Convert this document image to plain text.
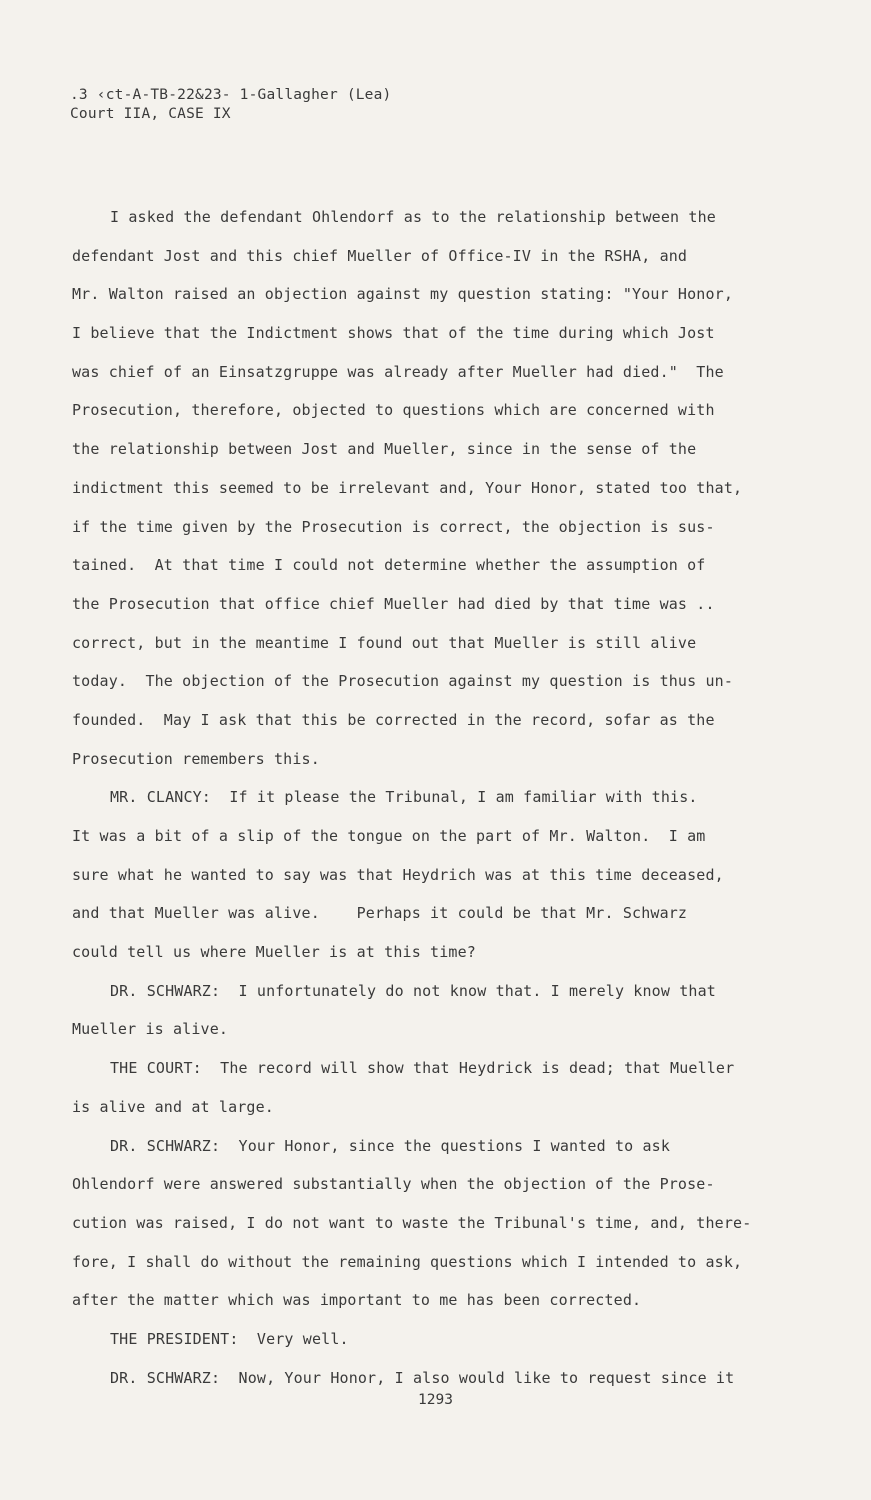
.3 ‹ct-A-TB-22&23- 1-Gallagher (Lea)
Court IIA, CASE IX
I asked the defendant Ohlendorf as to the relationship between the
defendant Jost and this chief Mueller of Office-IV in the RSHA, and
Mr. Walton raised an objection against my question stating: "Your Honor,
I believe that the Indictment shows that of the time during which Jost
was chief of an Einsatzgruppe was already after Mueller had died."  The
Prosecution, therefore, objected to questions which are concerned with
the relationship between Jost and Mueller, since in the sense of the
indictment this seemed to be irrelevant and, Your Honor, stated too that,
if the time given by the Prosecution is correct, the objection is sus-
tained.  At that time I could not determine whether the assumption of
the Prosecution that office chief Mueller had died by that time was ..
correct, but in the meantime I found out that Mueller is still alive
today.  The objection of the Prosecution against my question is thus un-
founded.  May I ask that this be corrected in the record, sofar as the
Prosecution remembers this.
MR. CLANCY:  If it please the Tribunal, I am familiar with this.
It was a bit of a slip of the tongue on the part of Mr. Walton.  I am
sure what he wanted to say was that Heydrich was at this time deceased,
and that Mueller was alive.    Perhaps it could be that Mr. Schwarz
could tell us where Mueller is at this time?
DR. SCHWARZ:  I unfortunately do not know that. I merely know that
Mueller is alive.
THE COURT:  The record will show that Heydrick is dead; that Mueller
is alive and at large.
DR. SCHWARZ:  Your Honor, since the questions I wanted to ask
Ohlendorf were answered substantially when the objection of the Prose-
cution was raised, I do not want to waste the Tribunal's time, and, there-
fore, I shall do without the remaining questions which I intended to ask,
after the matter which was important to me has been corrected.
THE PRESIDENT:  Very well.
DR. SCHWARZ:  Now, Your Honor, I also would like to request since it
1293
